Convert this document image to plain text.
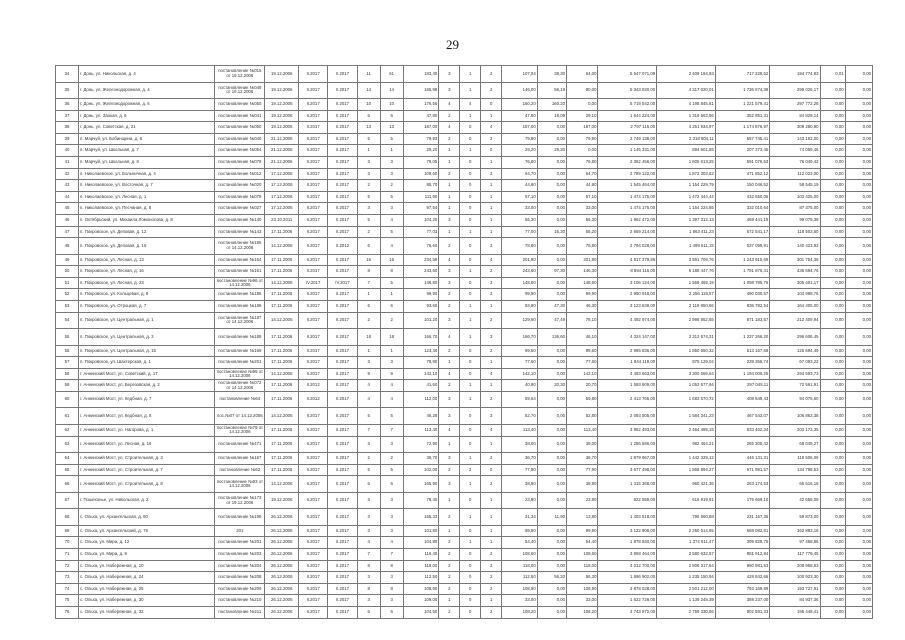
29
34	г. Донь, ул. Никольская, д. 4	постановление №015 от 19.12.2006	19.12.2006	II.2017	II.2017	11	61	183,40	3	1	2	107,04	38,30	64,00	5 547 071,09	2 409 194,93	717 329,52	194 774,83	0,01	0,00
35	г. Донь, ул. Железнодорожная, д. 4	постановление №049 от 19.12.2006	19.12.2006	II.2017	II.2017	14	14	165,98	3	1	2	146,00	56,19	90,00	5 343 020,00	4 317 020,01	1 736 674,39	299 026,17	0,00	0,00
36	г. Донь, ул. Железнодорожная, д. 6	постановление №050	19.12.2006	II.2017	II.2017	10	10	176,56	4	4	0	160,20	160,20	0,00	5 719 542,00	4 198 845,81	1 221 579,41	297 772,28	0,00	0,00
37	г. Донь, ул. Заокая, д. 6	постановление №041	19.12.2006	II.2017	II.2017	6	6	47,80	2	1	1	47,80	18,09	29,10	1 644 224,00	1 319 563,56	352 851,31	84 829,14	0,00	0,00
38	г. Донь, ул. Советская, д. 21	постановление №050	19.12.2006	II.2017	II.2017	13	13	187,00	4	0	4	187,00	0,00	187,00	2 797 116,00	4 251 934,97	1 174 876,97	309 280,90	0,00	0,00
39	п. Марчуй, ул. Бобинщина, д. 6	постановление №040	21.12.2006	II.2017	II.2017	5	5	79,93	2	0	2	79,80	0,00	79,90	2 749 136,00	2 318 804,11	557 745,41	143 153,00	0,00	0,00
40	п. Марчуй, ул. Школьная, д. 7	постановление №054	21.12.2006	II.2017	II.2017	1	1	29,20	1	1	0	29,20	29,20	0,00	1 145 331,00	894 601,55	207 373,45	74 059,46	0,00	0,00
41	п. Марчуй, ул. Школьная, д. 8	постановление №079	21.12.2006	II.2017	II.2017	3	3	79,05	1	0	1	76,80	0,00	76,80	2 362 456,00	1 605 613,25	591 076,53	76 049,42	0,00	0,00
42	п. Николаевское, ул. Больничная, д. 4	постановление №012	17.12.2006	II.2017	II.2017	3	3	109,60	2	0	2	64,70	0,00	64,70	2 789 122,00	1 872 303,62	471 852,12	112 023,00	0,00	0,00
43	п. Николаевское, ул. Восточная, д. 7	постановление №020	17.12.2006	II.2017	II.2017	2	2	85,70	1	0	1	44,90	0,00	44,90	1 545 464,00	1 154 229,79	150 046,52	58 545,19	0,00	0,00
44	п. Николаевское, ул. Лесная, д. 1	постановление №079	17.12.2006	II.2017	II.2017	5	5	111,90	1	0	1	57,10	0,00	57,10	1 474 175,00	1 472 444,44	432 650,06	103 425,00	0,00	0,00
45	п. Николаевское, ул. Песчаная, д. 8	постановление №027	17.12.2006	II.2017	II.2017	3	3	97,54	1	0	1	33,00	0,00	33,00	1 474 175,00	1 154 224,85	332 010,64	87 375,00	0,00	0,00
46	п. Октябрьский, ул. Михаила Ломоносова, д. 8	постановление №140	23.10.2011	II.2017	II.2017	5	4	104,25	3	0	1	55,30	0,00	55,30	1 962 472,00	1 397 312,13	469 441,19	99 078,38	0,00	0,00
47	п. Покровское, ул. Деповая, д. 12	постановление №143	17.11.2006	II.2017	II.2017	2	5	77,03	1	1	1	77,00	16,30	56,20	2 669 214,00	1 863 411,23	572 541,17	118 503,50	0,00	0,00
48	п. Покровское, ул. Деповая, д. 16	постановление №186 от 14.12.2006	14.12.2006	II.2017	II.2012	6	4	76,60	2	0	2	78,80	0,00	78,80	2 794 028,00	1 499 611,15	537 099,91	140 423,92	0,00	0,00
49	п. Покровское, ул. Лесная, д. 13	постановление №164	17.11.2006	II.2017	II.2017	16	16	234,59	4	0	4	201,90	0,00	201,90	4 817 379,86	3 591 709,76	1 243 915,69	301 754,36	0,00	0,00
50	п. Покровское, ул. Лесная, д. 16	постановление №161	17.11.2006	II.2017	II.2017	8	8	243,60	3	1	2	243,60	97,30	146,30	8 594 116,00	6 188 447,76	1 791 876,41	436 694,76	0,00	0,00
51	п. Покровское, ул. Лесная, д. 23	постановление №96 от 14.12.2006	14.12.2006	IV.2017	IV.2017	7	5	146,80	3	0	3	148,60	0,00	148,60	3 106 124,00	1 559 469,19	1 098 785,76	305 401,17	0,00	0,00
52	п. Покровское, ул. Кольцевая, д. 8	постановление №186	17.11.2006	II.2017	II.2017	1	1	99,90	2	0	2	99,90	0,00	99,90	2 990 918,00	2 256 119,57	490 030,57	104 998,76	0,00	0,00
53	п. Покровское, ул. Отроцкая, д. 7	постановление №186	17.11.2006	II.2017	II.2017	6	6	93,60	2	1	1	93,90	47,30	46,30	3 123 639,00	2 119 950,56	836 782,54	164 405,00	0,00	0,00
54	п. Покровское, ул. Центральная, д. 1	постановление №187 от 14.12.2006	14.12.2006	II.2017	II.2017	2	2	101,20	3	1	2	129,60	47,49	78,10	4 492 974,00	2 998 952,65	871 183,57	212 409,94	0,00	0,00
55	п. Покровское, ул. Центральная, д. 3	постановление №189	17.11.2006	II.2017	II.2017	18	18	166,70	4	1	3	166,70	136,60	46,10	4 324 147,00	3 312 574,31	1 237 266,20	296 606,45	0,00	0,00
56	п. Покровское, ул. Центральная, д. 15	постановление №169	17.11.2006	II.2017	II.2017	1	1	123,40	2	0	2	99,60	0,00	99,60	2 995 836,00	1 850 650,32	513 167,69	125 694,49	0,00	0,00
57	п. Покровское, ул. Шахтерская, д. 1	постановление №201	17.11.2006	II.2017	II.2017	3	3	78,90	1	0	1	77,60	0,00	77,60	1 844 119,00	975 129,04	239 355,74	67 093,22	0,00	0,00
58	г. Аннинский Мост, ул. Советский, д. 17	постановление №95 от 14.12.2006	14.12.2006	II.2017	II.2017	9	9	142,10	4	0	4	142,10	0,00	142,10	4 493 663,00	3 300 669,64	1 194 006,25	294 593,73	0,00	0,00
59	г. Аннинский Мост, ул. Березовская, д. 2	постановление №072 от 14.12.2006	17.11.2006	II.2012	II.2017	4	4	41,60	2	1	1	40,90	20,30	20,70	1 593 909,00	1 053 577,94	297 045,11	72 561,91	0,00	0,00
60	г. Аннинский Мост, ул. Кедбная, д. 7	постановление №64	17.11.2006	II.2012	II.2017	4	4	112,00	3	1	2	59,64	0,00	59,80	2 413 766,00	1 683 570,72	408 549,43	94 075,60	0,00	0,00
61	г. Аннинский Мост, ул. Кедбная, д. 8	пос.№07 от 14.12.2006	14.12.2006	II.2017	II.2017	5	5	46,28	3	0	3	52,70	0,00	52,80	2 093 505,00	1 584 341,23	467 543,07	106 863,38	0,00	0,00
62	г. Аннинский Мост, ул. Нагорова, д. 1	постановление №79 от 14.12.2006	17.11.2006	II.2017	II.2017	7	7	113,40	4	0	4	113,40	0,00	113,40	3 952 493,00	2 464 499,15	833 462,34	203 173,35	0,00	0,00
63	г. Аннинский Мост, ул. Лесная, д. 16	постановление №471	17.11.2006	II.2017	II.2017	3	3	72,90	1	0	1	38,00	0,00	38,00	1 256 586,00	982 464,21	265 305,42	68 049,27	0,00	0,00
64	г. Аннинский Мост, ул. Строительная, д. 3	постановление №167	17.11.2006	II.2017	II.2017	2	2	36,70	3	1	2	36,70	0,00	36,70	1 979 967,00	1 442 329,12	446 131,31	116 506,06	0,00	0,00
65	г. Аннинский Мост, ул. Строительная, д. 7	постановление №62	17.11.2006	II.2017	II.2017	5	5	102,00	2	2	0	77,90	0,00	77,90	3 677 498,00	1 868 894,27	571 991,57	134 798,53	0,00	0,00
66	г. Аннинский Мост, ул. Строительная, д. 8	постановление №93 от 14.12.2006	14.12.2006	II.2017	II.2017	6	6	165,90	3	1	2	38,90	0,00	38,90	1 315 368,00	960 421,36	263 174,53	65 516,16	0,00	0,00
67	г. Пошехонье, ул. Никольская, д. 2	постановление №173 от 19.12.2006	19.12.2006	II.2017	II.2017	3	3	78,40	1	0	1	23,90	0,00	23,90	822 559,00	615 919,91	175 669,10	42 658,09	0,00	0,00
68	с. Ольха, ул. Архангельская, д. 80	постановление №199	26.12.2006	II.2017	II.2017	3	3	155,33	2	1	1	31,34	11,90	13,80	1 403 518,00	795 560,68	231 167,36	59 873,00	0,00	0,00
69	с. Ольха, ул. Архангельский, д. 79	201	26.12.2006	II.2017	II.2017	3	3	101,80	1	0	1	99,90	0,00	99,90	3 122 906,00	2 250 514,65	668 082,81	162 883,16	0,00	0,00
70	с. Ольха, ул. Мира, д. 12	постановление №201	26.12.2006	II.2017	II.2017	4	4	104,80	2	1	1	54,40	0,00	54,40	1 878 840,00	1 374 611,47	399 829,75	97 468,86	0,00	0,00
71	с. Ольха, ул. Мира, д. 9	постановление №203	26.12.2006	II.2017	II.2017	7	7	116,40	2	0	2	108,60	0,00	108,60	3 958 464,00	2 580 632,57	881 912,84	117 779,45	0,00	0,00
72	с. Ольха, ул. Набережная, д. 10	постановление №204	26.12.2006	II.2017	II.2017	8	8	118,00	2	0	2	118,00	0,00	118,00	4 012 700,00	2 806 317,64	950 981,53	208 958,63	0,00	0,00
73	с. Ольха, ул. Набережная, д. 24	постановление №208	26.12.2006	II.2017	II.2017	3	3	112,50	2	0	2	112,50	56,20	56,30	1 896 902,00	1 235 150,94	428 842,66	100 923,30	0,00	0,00
74	с. Ольха, ул. Набережная, д. 25	постановление №209	26.12.2006	II.2017	II.2017	8	8	108,90	2	0	2	108,90	0,00	108,90	3 878 028,00	2 501 212,00	793 169,89	193 727,91	0,00	0,00
75	с. Ольха, ул. Набережная, д. 30	постановление №210	26.12.2006	II.2017	II.2017	3	3	109,00	1	0	1	33,00	0,00	33,00	1 622 726,00	1 139 245,39	389 237,00	84 937,36	0,00	0,00
76	с. Ольха, ул. Набережная, д. 32	постановление №211	26.12.2006	II.2017	II.2017	6	6	104,50	2	0	2	108,20	0,00	108,20	3 743 972,00	2 759 330,56	802 591,33	195 448,41	0,00	0,00
